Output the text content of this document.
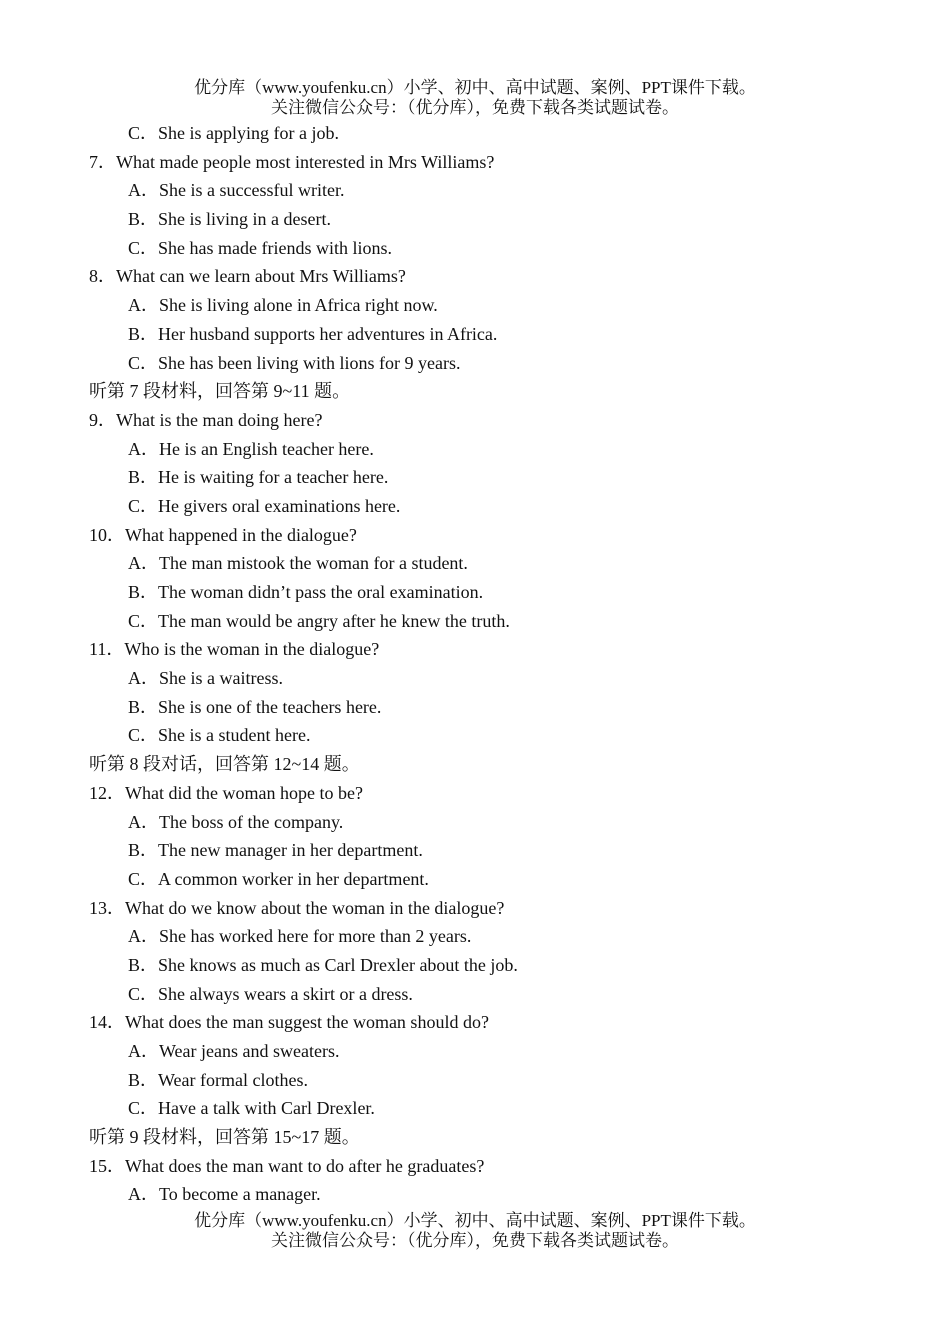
优分库（www.youfenku.cn）小学、初中、高中试题、案例、PPT课件下载。
关注微信公众号：（优分库），免费下载各类试题试卷。
C．She is applying for a job.
7．What made people most interested in Mrs Williams?
A．She is a successful writer.
B．She is living in a desert.
C．She has made friends with lions.
8．What can we learn about Mrs Williams?
A．She is living alone in Africa right now.
B．Her husband supports her adventures in Africa.
C．She has been living with lions for 9 years.
听第 7 段材料，回答第 9~11 题。
9．What is the man doing here?
A．He is an English teacher here.
B．He is waiting for a teacher here.
C．He givers oral examinations here.
10．What happened in the dialogue?
A．The man mistook the woman for a student.
B．The woman didn’t pass the oral examination.
C．The man would be angry after he knew the truth.
11．Who is the woman in the dialogue?
A．She is a waitress.
B．She is one of the teachers here.
C．She is a student here.
听第 8 段对话，回答第 12~14 题。
12．What did the woman hope to be?
A．The boss of the company.
B．The new manager in her department.
C．A common worker in her department.
13．What do we know about the woman in the dialogue?
A．She has worked here for more than 2 years.
B．She knows as much as Carl Drexler about the job.
C．She always wears a skirt or a dress.
14．What does the man suggest the woman should do?
A．Wear jeans and sweaters.
B．Wear formal clothes.
C．Have a talk with Carl Drexler.
听第 9 段材料，回答第 15~17 题。
15．What does the man want to do after he graduates?
A．To become a manager.
优分库（www.youfenku.cn）小学、初中、高中试题、案例、PPT课件下载。
关注微信公众号：（优分库），免费下载各类试题试卷。
